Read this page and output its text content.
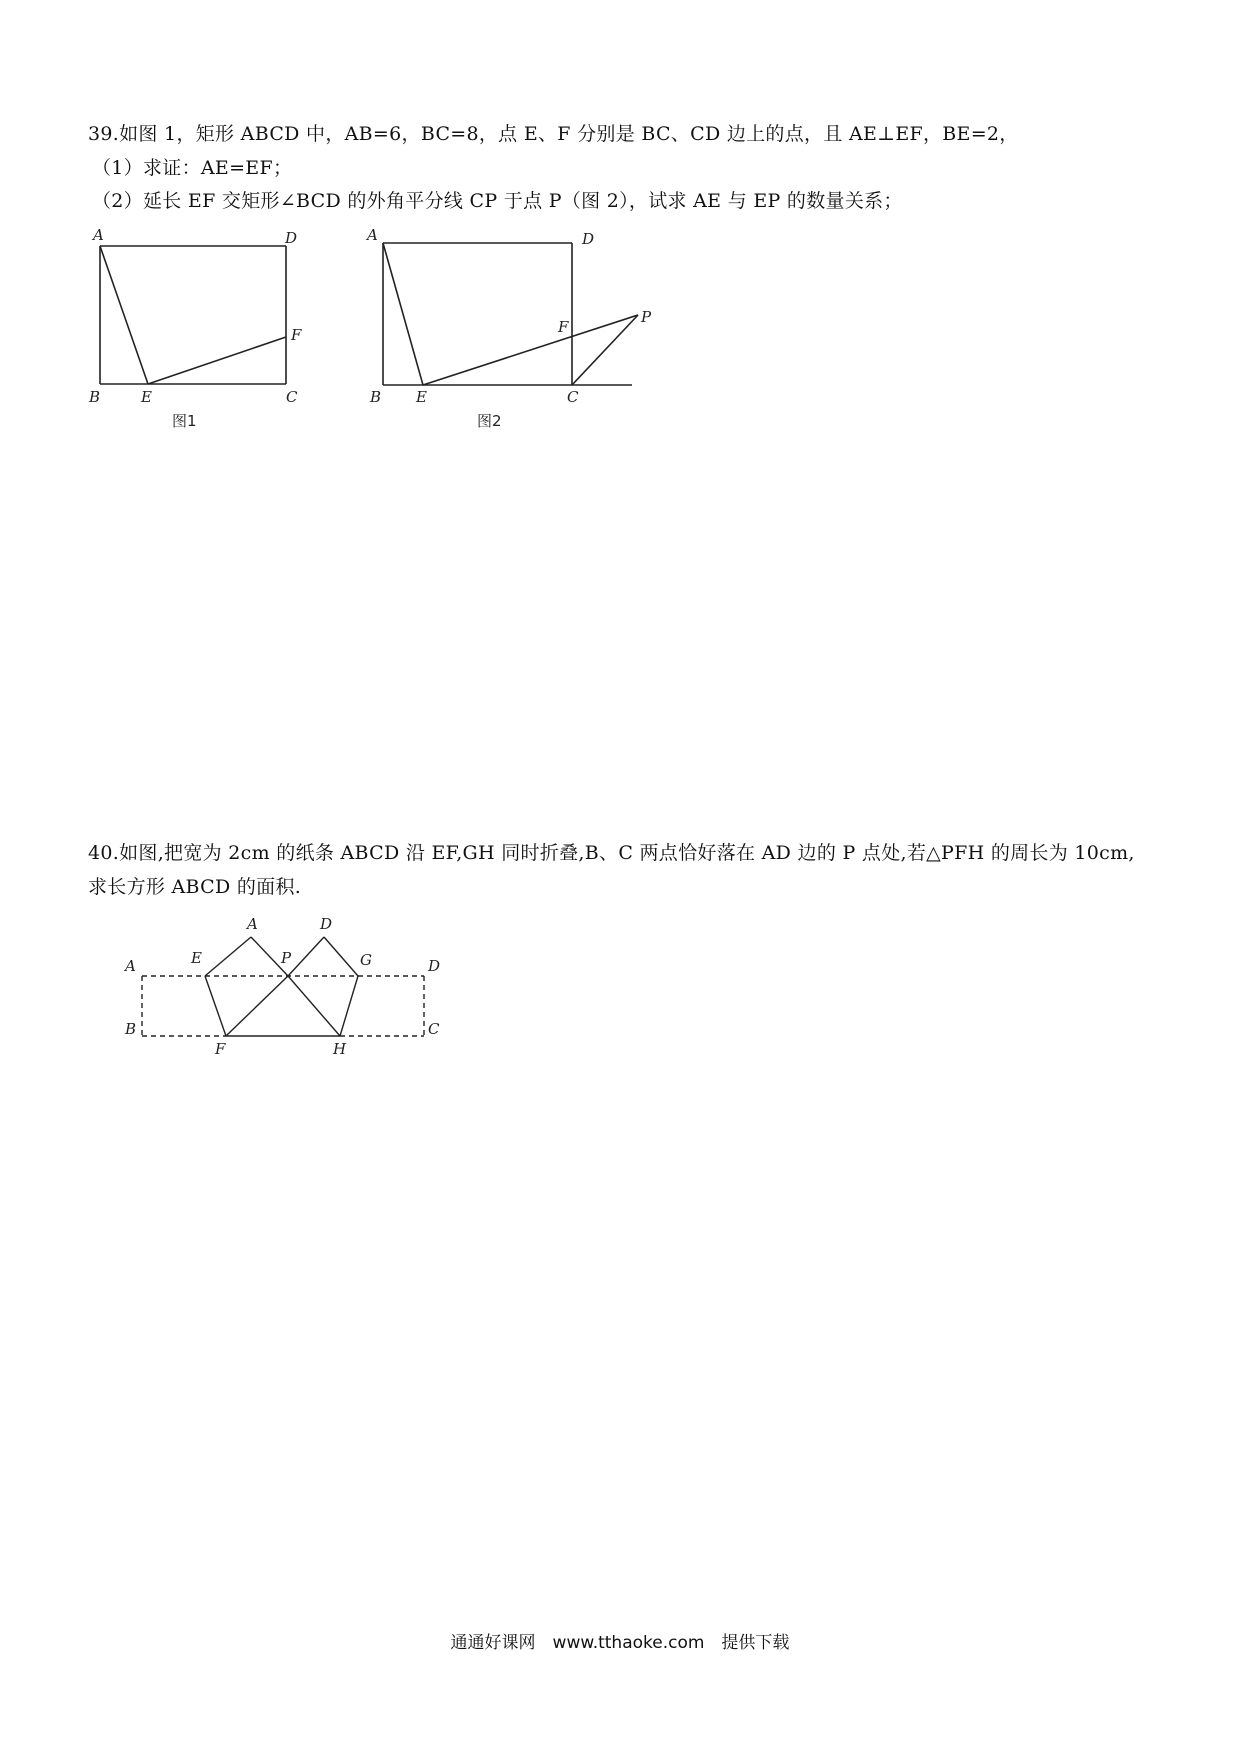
39.如图 1，矩形 ABCD 中，AB=6，BC=8，点 E、F 分别是 BC、CD 边上的点，且 AE⊥EF，BE=2，
（1）求证：AE=EF；
（2）延长 EF 交矩形∠BCD 的外角平分线 CP 于点 P（图 2），试求 AE 与 EP 的数量关系；
A	D
F
B	E	C
图1
A	D
F
P
B E	C
图2
40.如图,把宽为 2cm 的纸条 ABCD 沿 EF,GH 同时折叠,B、C 两点恰好落在 AD 边的 P 点处,若△PFH 的周长为 10cm,
求长方形 ABCD 的面积.
A	D
A	E	P	G	D
B
F	H
C
通通好课网　www.tthaoke.com　提供下载
